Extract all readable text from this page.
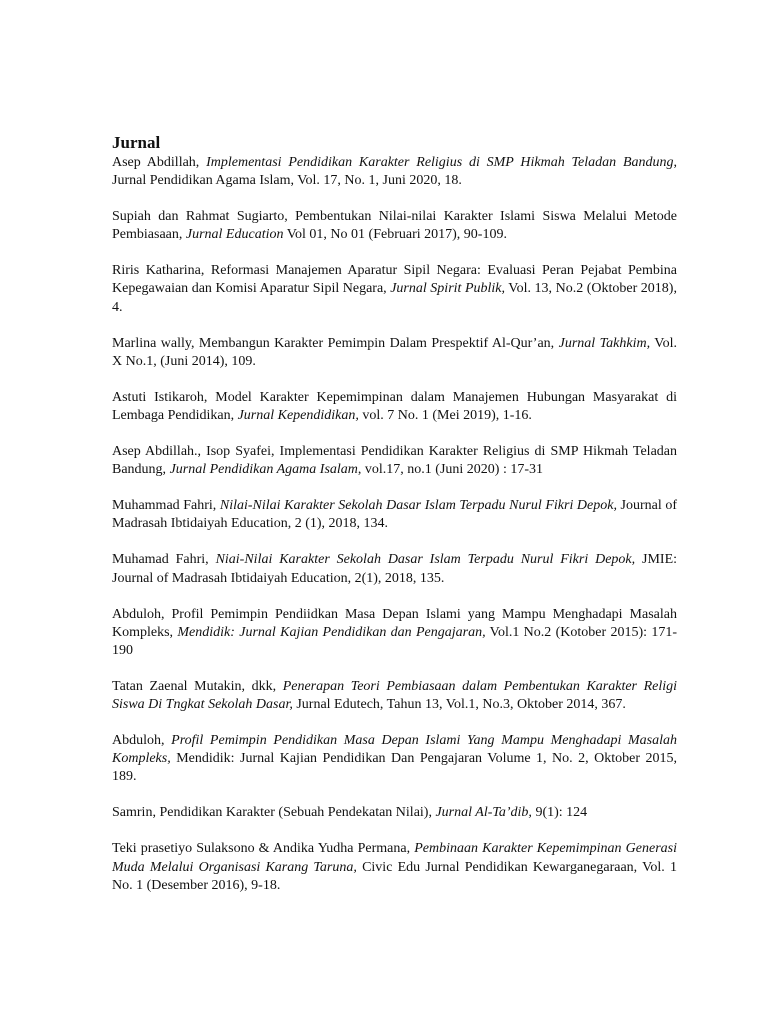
Jurnal

Asep Abdillah, Implementasi Pendidikan Karakter Religius di SMP Hikmah Teladan Bandung, Jurnal Pendidikan Agama Islam, Vol. 17, No. 1, Juni 2020, 18.

Supiah dan Rahmat Sugiarto, Pembentukan Nilai-nilai Karakter Islami Siswa Melalui Metode Pembiasaan, Jurnal Education Vol 01, No 01 (Februari 2017), 90-109.

Riris Katharina, Reformasi Manajemen Aparatur Sipil Negara: Evaluasi Peran Pejabat Pembina Kepegawaian dan Komisi Aparatur Sipil Negara, Jurnal Spirit Publik, Vol. 13, No.2 (Oktober 2018), 4.

Marlina wally, Membangun Karakter Pemimpin Dalam Prespektif Al-Qur’an, Jurnal Takhkim, Vol. X No.1, (Juni 2014), 109.

Astuti Istikaroh, Model Karakter Kepemimpinan dalam Manajemen Hubungan Masyarakat di Lembaga Pendidikan, Jurnal Kependidikan, vol. 7 No. 1 (Mei 2019), 1-16.

Asep Abdillah., Isop Syafei, Implementasi Pendidikan Karakter Religius di SMP Hikmah Teladan Bandung, Jurnal Pendidikan Agama Isalam, vol.17, no.1 (Juni 2020) : 17-31

Muhammad Fahri, Nilai-Nilai Karakter Sekolah Dasar Islam Terpadu Nurul Fikri Depok, Journal of Madrasah Ibtidaiyah Education, 2 (1), 2018, 134.

Muhamad Fahri, Niai-Nilai Karakter Sekolah Dasar Islam Terpadu Nurul Fikri Depok, JMIE: Journal of Madrasah Ibtidaiyah Education, 2(1), 2018, 135.

Abduloh, Profil Pemimpin Pendiidkan Masa Depan Islami yang Mampu Menghadapi Masalah Kompleks, Mendidik: Jurnal Kajian Pendidikan dan Pengajaran, Vol.1 No.2 (Kotober 2015): 171-190

Tatan Zaenal Mutakin, dkk, Penerapan Teori Pembiasaan dalam Pembentukan Karakter Religi Siswa Di Tngkat Sekolah Dasar, Jurnal Edutech, Tahun 13, Vol.1, No.3, Oktober 2014, 367.

Abduloh, Profil Pemimpin Pendidikan Masa Depan Islami Yang Mampu Menghadapi Masalah Kompleks, Mendidik: Jurnal Kajian Pendidikan Dan Pengajaran Volume 1, No. 2, Oktober 2015, 189.

Samrin, Pendidikan Karakter (Sebuah Pendekatan Nilai), Jurnal Al-Ta’dib, 9(1): 124

Teki prasetiyo Sulaksono & Andika Yudha Permana, Pembinaan Karakter Kepemimpinan Generasi Muda Melalui Organisasi Karang Taruna, Civic Edu Jurnal Pendidikan Kewarganegaraan, Vol. 1 No. 1 (Desember 2016), 9-18.
